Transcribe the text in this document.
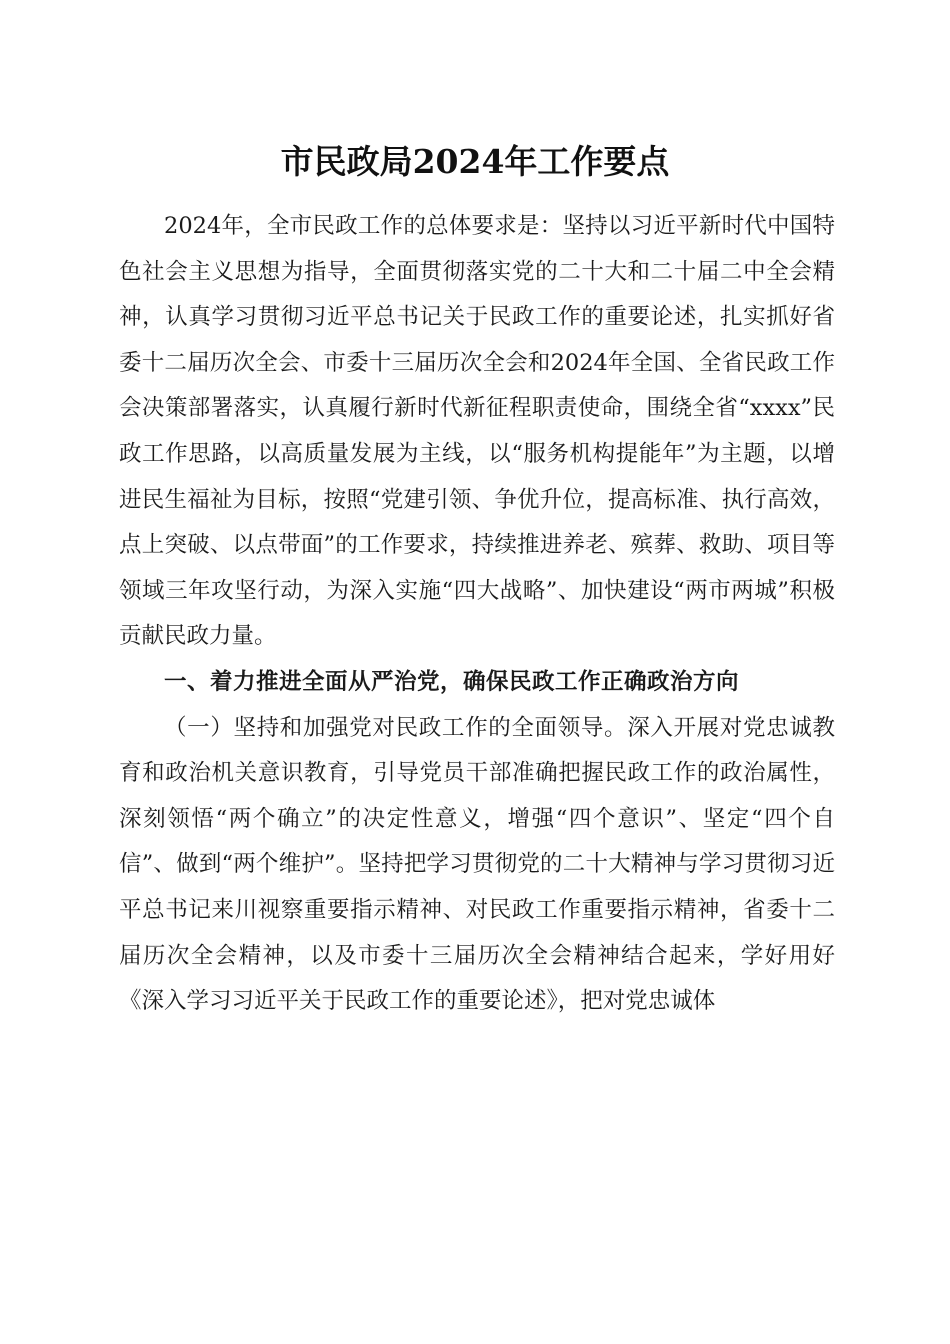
市民政局2024年工作要点

2024年，全市民政工作的总体要求是：坚持以习近平新时代中国特色社会主义思想为指导，全面贯彻落实党的二十大和二十届二中全会精神，认真学习贯彻习近平总书记关于民政工作的重要论述，扎实抓好省委十二届历次全会、市委十三届历次全会和2024年全国、全省民政工作会决策部署落实，认真履行新时代新征程职责使命，围绕全省“xxxx”民政工作思路，以高质量发展为主线，以“服务机构提能年”为主题，以增进民生福祉为目标，按照“党建引领、争优升位，提高标准、执行高效，点上突破、以点带面”的工作要求，持续推进养老、殡葬、救助、项目等领域三年攻坚行动，为深入实施“四大战略”、加快建设“两市两城”积极贡献民政力量。

一、着力推进全面从严治党，确保民政工作正确政治方向

（一）坚持和加强党对民政工作的全面领导。深入开展对党忠诚教育和政治机关意识教育，引导党员干部准确把握民政工作的政治属性，深刻领悟“两个确立”的决定性意义，增强“四个意识”、坚定“四个自信”、做到“两个维护”。坚持把学习贯彻党的二十大精神与学习贯彻习近平总书记来川视察重要指示精神、对民政工作重要指示精神，省委十二届历次全会精神，以及市委十三届历次全会精神结合起来，学好用好《深入学习习近平关于民政工作的重要论述》，把对党忠诚体
